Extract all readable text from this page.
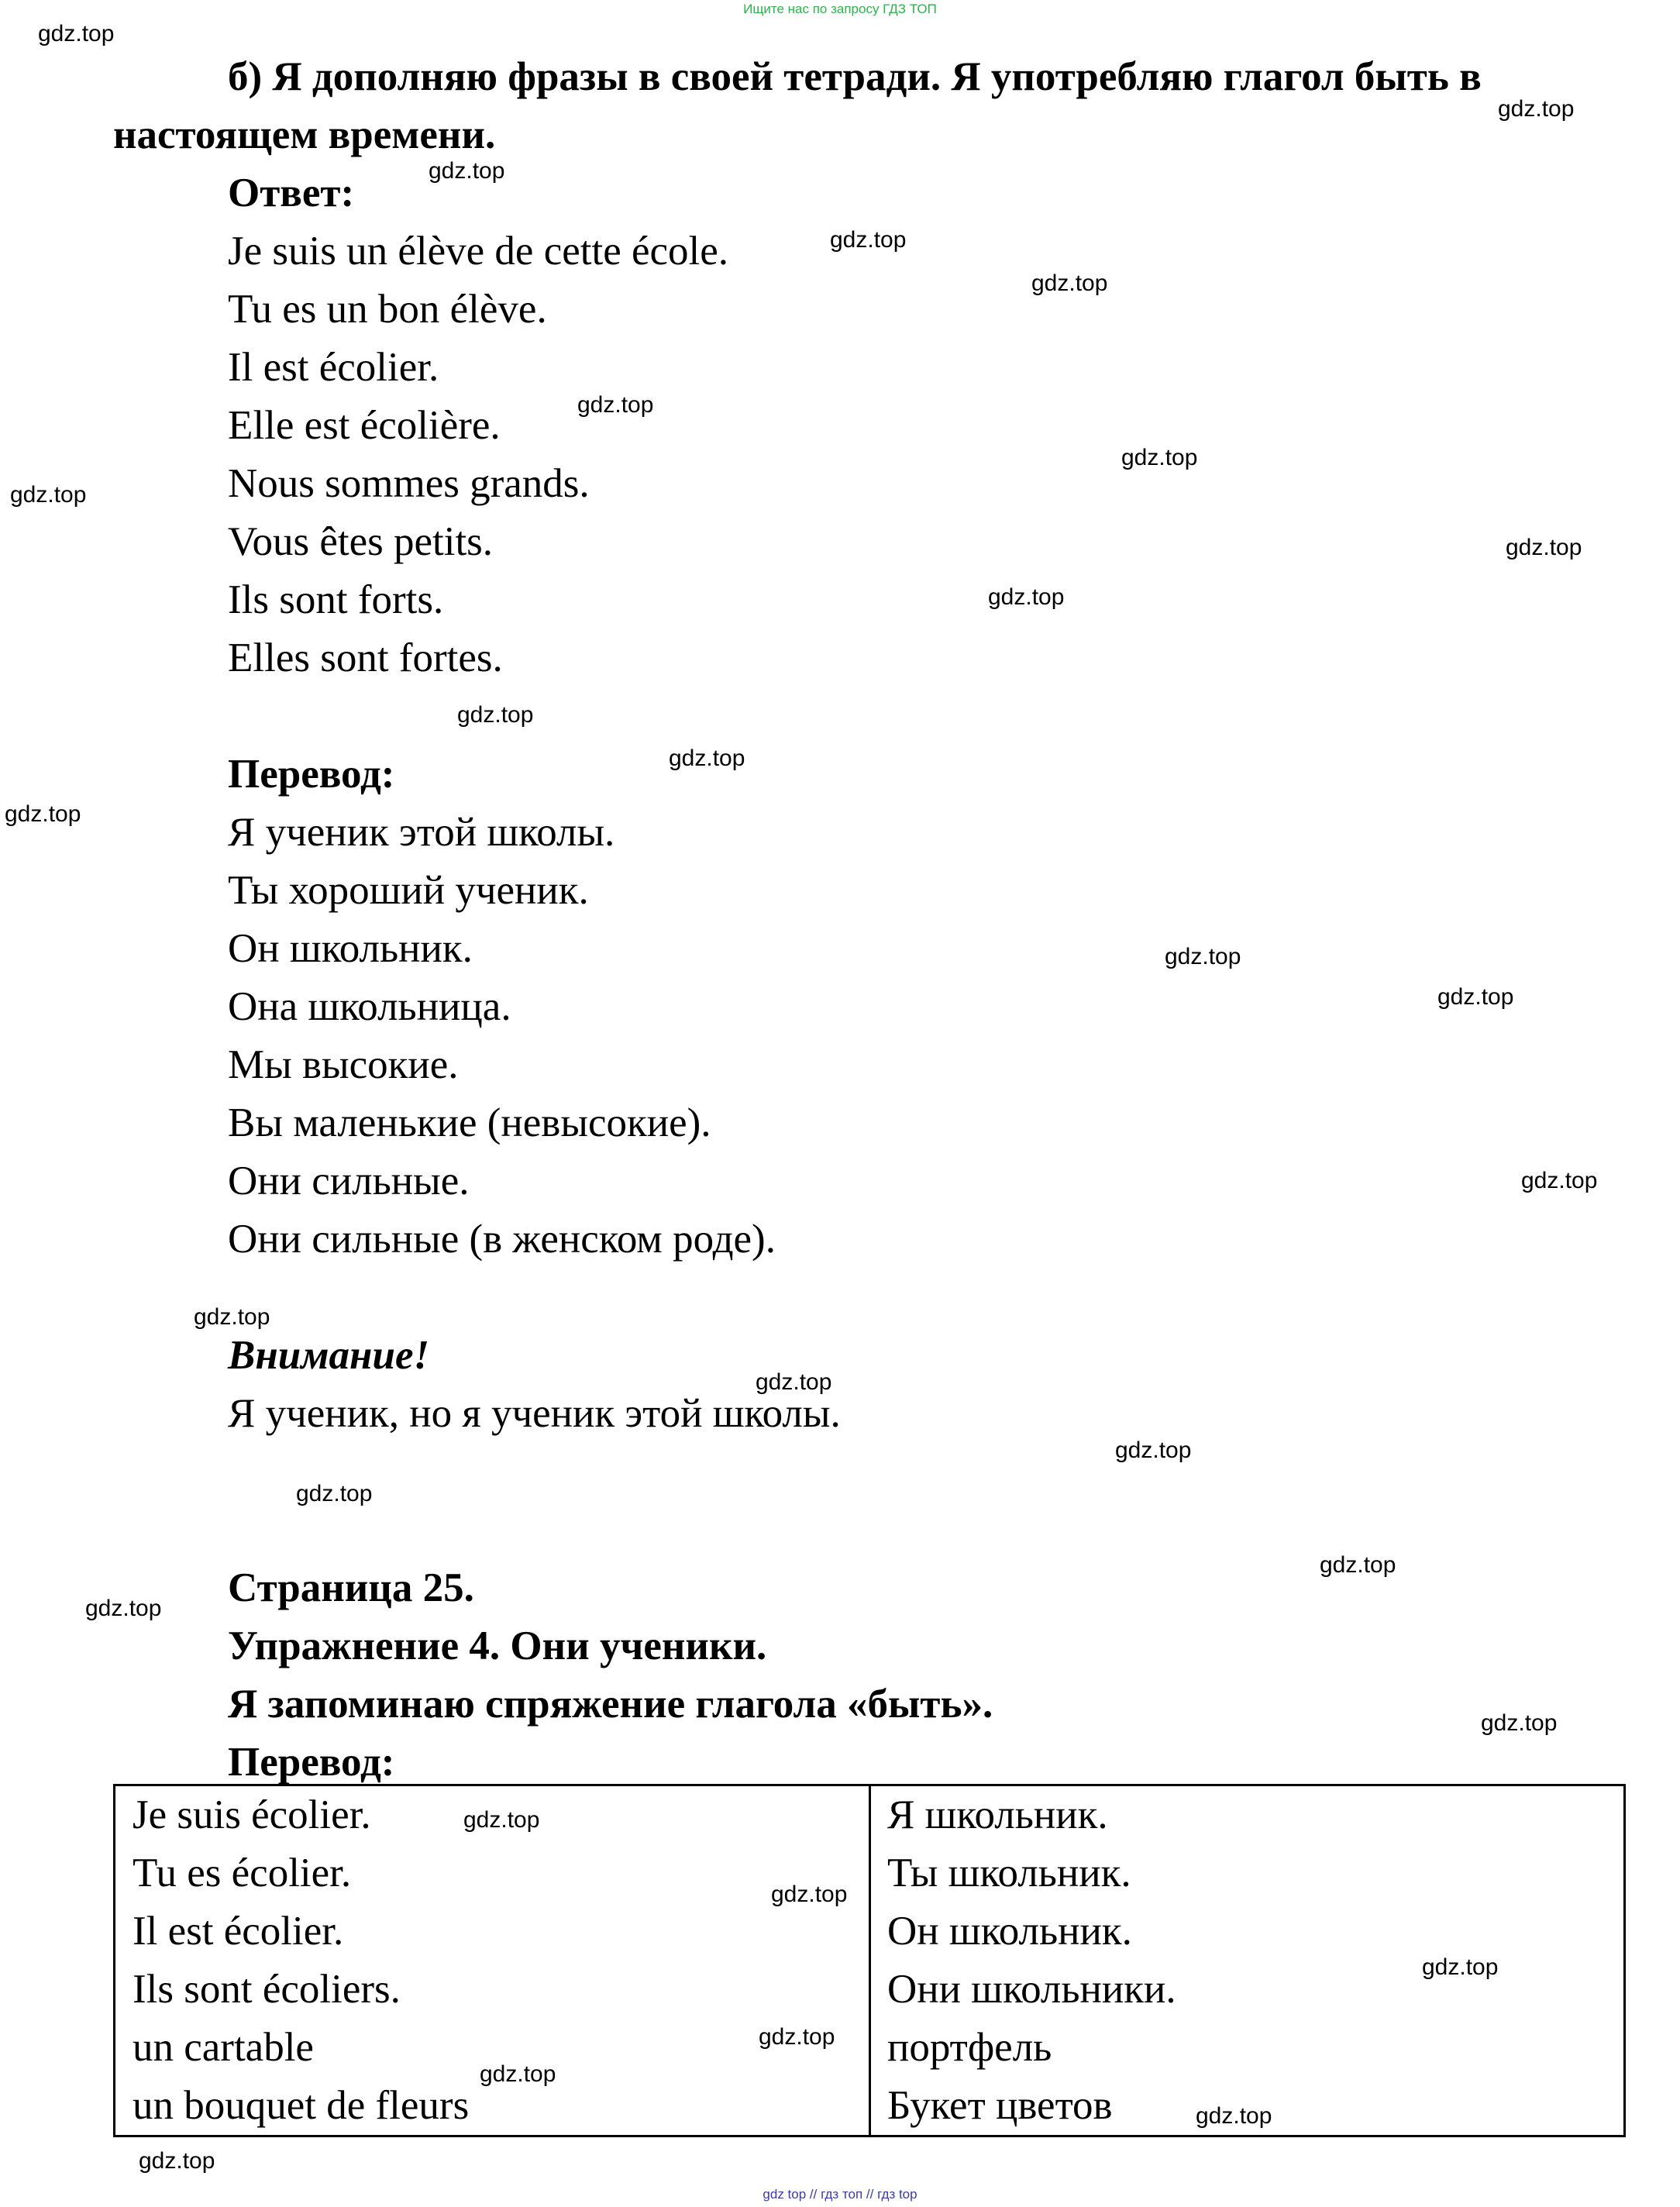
Ищите нас по запросу ГДЗ ТОП
б) Я дополняю фразы в своей тетради. Я употребляю глагол быть в
настоящем времени.
Ответ:
Je suis un élève de cette école.
Tu es un bon élève.
Il est écolier.
Elle est écolière.
Nous sommes grands.
Vous êtes petits.
Ils sont forts.
Elles sont fortes.
Перевод:
Я ученик этой школы.
Ты хороший ученик.
Он школьник.
Она школьница.
Мы высокие.
Вы маленькие (невысокие).
Они сильные.
Они сильные (в женском роде).
Внимание!
Я ученик, но я ученик этой школы.
Страница 25.
Упражнение 4. Они ученики.
Я запоминаю спряжение глагола «быть».
Перевод:
Je suis écolier.
Tu es écolier.
Il est écolier.
Ils sont écoliers.
un cartable
un bouquet de fleurs
Я школьник.
Ты школьник.
Он школьник.
Они школьники.
портфель
Букет цветов
gdz.top
gdz.top
gdz.top
gdz.top
gdz.top
gdz.top
gdz.top
gdz.top
gdz.top
gdz.top
gdz.top
gdz.top
gdz.top
gdz.top
gdz.top
gdz.top
gdz.top
gdz.top
gdz.top
gdz.top
gdz.top
gdz.top
gdz.top
gdz.top
gdz.top
gdz.top
gdz.top
gdz.top
gdz.top
gdz.top
gdz top // гдз топ // гдз top
